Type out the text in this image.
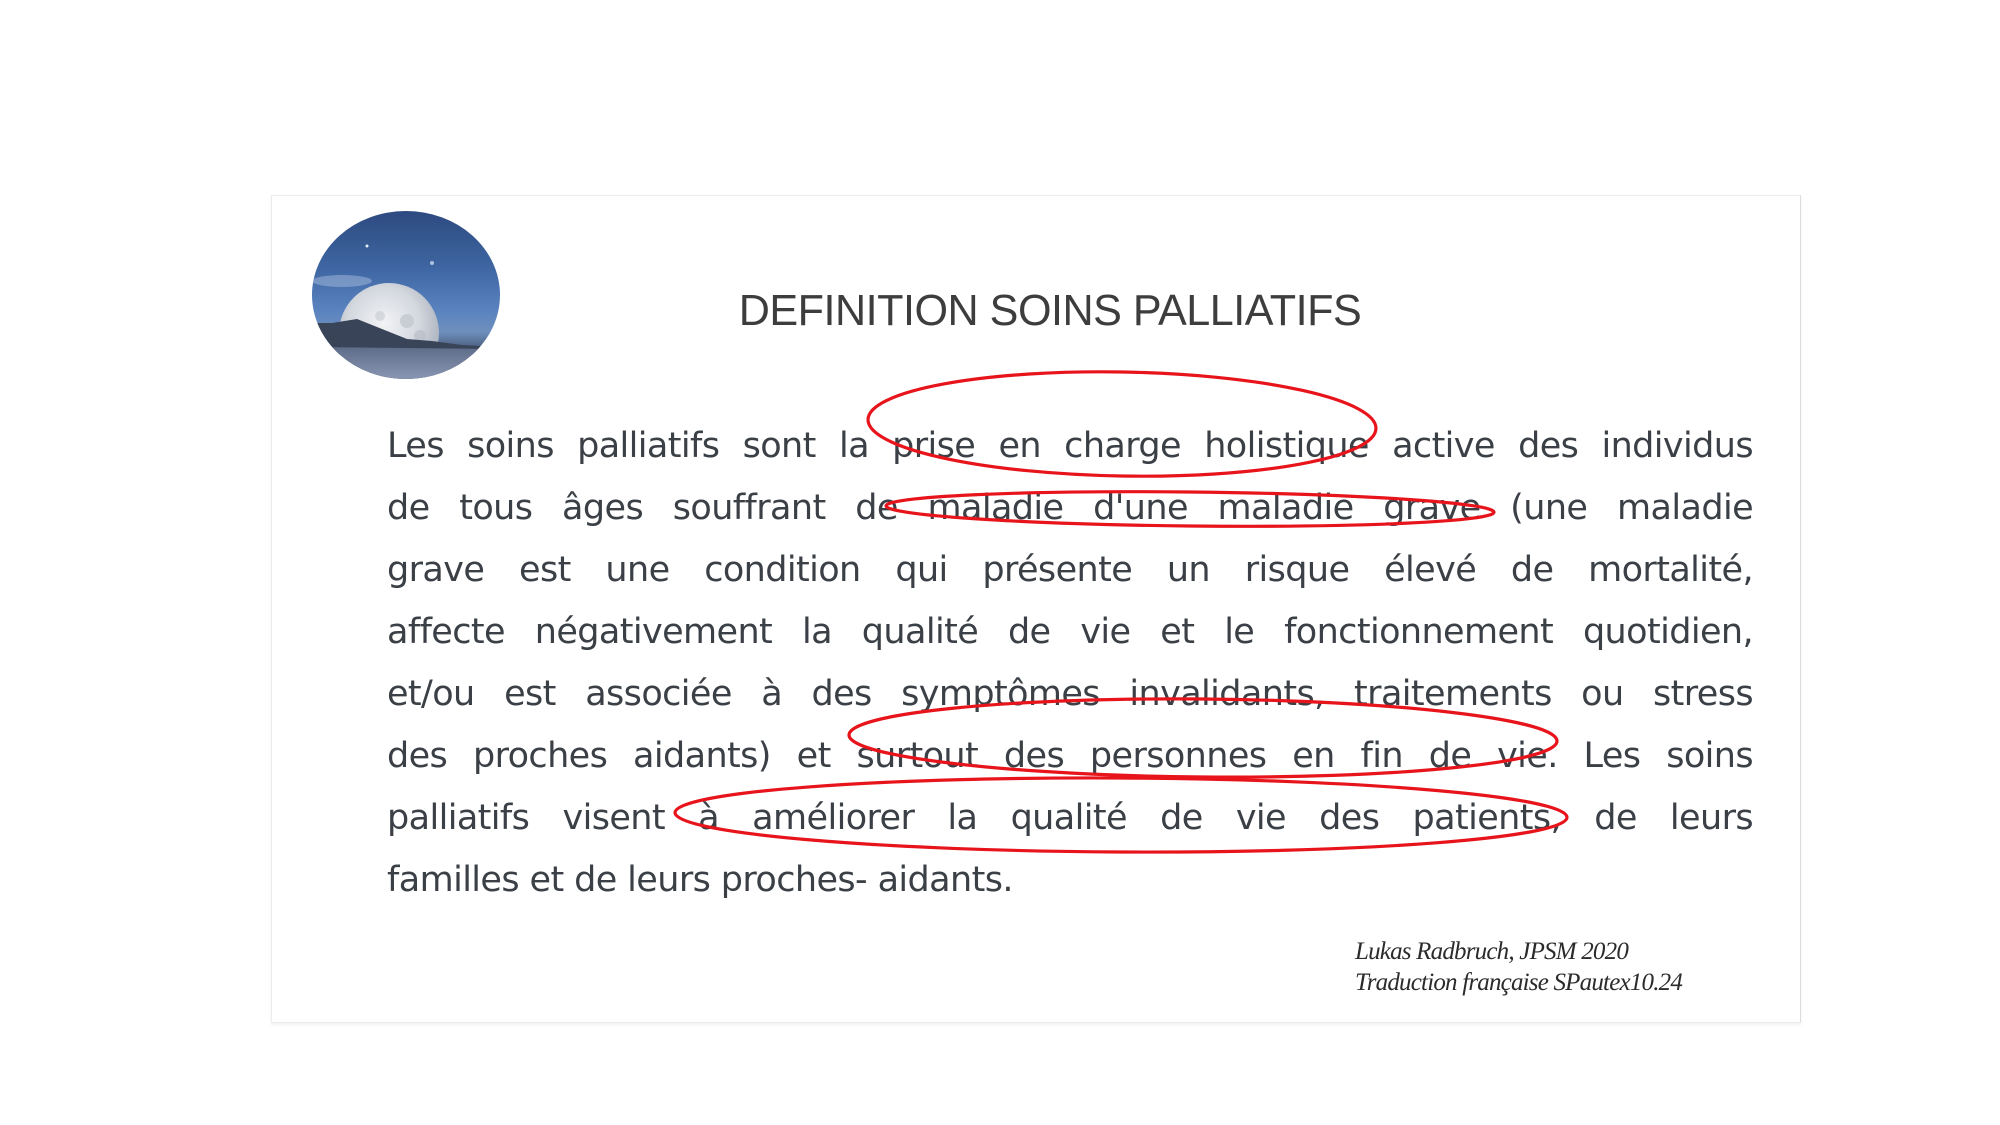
DEFINITION SOINS PALLIATIFS
Les soins palliatifs sont la prise en charge holistique active des individus
de tous âges souffrant de maladie d'une maladie grave (une maladie
grave est une condition qui présente un risque élevé de mortalité,
affecte négativement la qualité de vie et le fonctionnement quotidien,
et/ou est associée à des symptômes invalidants, traitements ou stress
des proches aidants) et surtout des personnes en fin de vie. Les soins
palliatifs visent à améliorer la qualité de vie des patients, de leurs
familles et de leurs proches- aidants.
Lukas Radbruch, JPSM 2020
Traduction française SPautex10.24
